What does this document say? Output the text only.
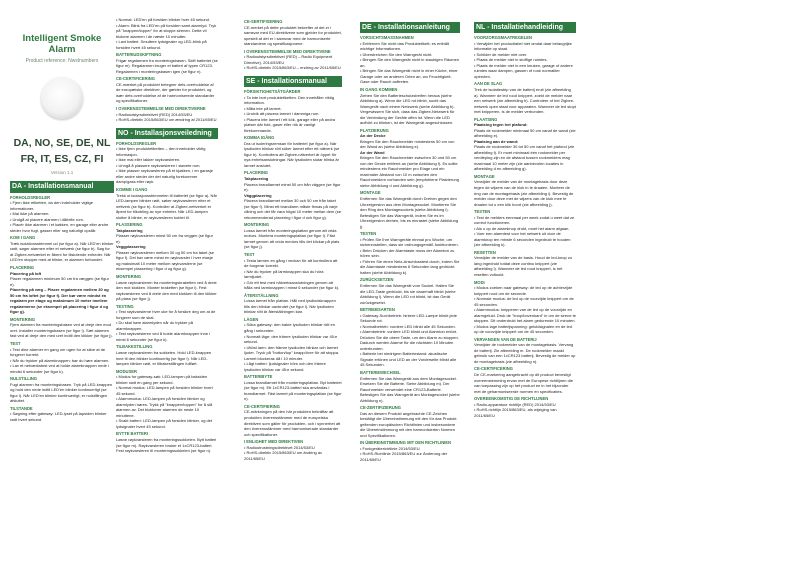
Intelligent Smoke Alarm
Product reference: Nwslnumbers
DA, NO, SE, DE, NL
FR, IT, ES, CZ, FI
Version 1.1
DA - Installationsmanual
FORHOLDSREGLER
• Fjern ikke etiketten, da den indeholder vigtige informationer.
• Mal ikke på alarmen.
• Undgå at placere alarmen i dårlelte rum.
• Placér ikke alarmen i et køkken, en garage eller andre steder hvor fugt, gasser eller røg naturligt opstår.
KOM I GANG
Træk isolationsstrimmel ud (se figur a). Når LED'en blinker rødt, søger alarmen efter et netværk (se figur b). Søg for at Zigbee-netværket er åbent for tilslutende enheder. Når LED'en stopper med at blinke, er alarmen forbundet.
PLACERING
Placering på loft
Placer regalarmen minimum 50 cm fra væggen (se figur e).
Placering på væg – Placer regalarmen mellem 30 og 50 cm fra loftet (se figur f). Der bør være mindst én regalarm per etage og maksimum 10 meter imellem regalarmerne (se eksempel på placering i figur d og figur g).
MONTERING
Fjern alarmen fra monteringsbasen ved at dreje den mod uret. Installer monteringsbasen (se figur i). Sæt alarmen fast ved at dreje den med uret indtil den klikker (se figur j).
TEST
• Test dine alarmer en gang om ugen for at sikre at de fungerer korrekt.
• Når du trykker på alarmknappen: bør du høre alarmen.
• Lav et netværkstest ved at holde alarmknappen nede i mindst 6 sekunder (se figur k).
NULSTILLING
Fugt alarmen fra monteringsbasen. Tryk på LED-knappen og hold den nede indtil LED'en blinker kontinuerligt (se figur l). Når LED'en blinker kontinuerligt, er nulstillingen afsluttet.
TILSTANDE
• Søgning efter gateway: LED-lyset på lapsiden blinker rødt hvert sekund.
• Normal: LED'en på forsiden blinker hver 45 sekund.
• Alarm: Blink fra LED'en på forsiden samt alarmlyd. Tryk på "knappen/topper" for at stoppe sirenen. Dette vil blokere alarmen i de næste 10 minutter.
• Lavt batteri: Smuttere lydsignaler og LED-blink på forsiden hvert 45 sekund.
BATTERIUDSKIFTNING
Frigør regalarmen fra monteringsbasen. Skift batteriet (se figur m). Regalarmen bruger et batteri af typen CR123. Regalarmen i monteringsbasen igen (se figur n).
CE-CERTIFICERING
CE-mærket på produktet betegner dets overholdelse af de europæiske direktiver, der gælder for produktet, og især dets overholdelse af de harmoniserede standarder og specifikationer.
I OVERENSSTEMMELSE MED DIREKTIVERNE
• Radioudstyrsdirektivet (RED) 2014/53/EU
• RoHS-direktiv 2015/863/EU om ændring af 2011/65/EU
NO - Installasjonsveiledning
FORHOLDSREGLER
• Ikke fjern produktetiketten – den inneholder viktig informasjon.
• Ikke mal eller lakker røykvarsleren.
• Unngå å plassere røykvarsleren i støvete rom.
• Ikke plasser røykvarsleren på et kjøkken, i en garasje eller andre steder der det naturlig forekommer damp/gass eller røyk.
KOMME I GANG
Trekk ut isolasjonsstrimmelen til batteriet (se figur a). Når LED-lampen blinker rødt, søker røykvarsleren etter et nettverk (se figur b). Kontroller at Zigbee-nettverket er åpent for tilkobling av nye enheter. Når LED-lampen slutter å blinke, er røykvarsleren koblet til.
PLASSERING
Takplassering
Plasser røykvarsleren minst 50 cm fra veggen (se figur e).
Veggplassering
Plasser røykvarsleren mellom 30 og 50 cm fra taket (se figur f). Det bør være minst én røykvarsler i hver etasje og maksimalt 10 meter mellom røykvarslerne (se eksempel plassering i figur d og figur g).
MONTERING
Løsne røykvarsleren fra monteringsbraketten ved å dreie den mot klokken. Monter braketten (se figur i). Fest røykvarsleren ved å dreie den med klokken til den klikker på plass (se figur j).
TESTING
• Test røykvarslerne hver uke for å forsikre deg om at de fungerer som de skal.
• Du skal høre alarmlyden når du trykker på alarmknappen.
• Test røykvarsleren ved å holde alarmknappen inne i minst 6 sekunder (se figur k).
TILBAKESTILLING
Løsne røykvarsleren fra sokkelen. Hold LED-knappen inne til den blinker kontinuerlig (se figur l). Når LED-lampen blinker rødt, er tilbakestillingen fullført.
MODUSER
• Modus for gateway-søk: LED-lampen på baksiden blinker rødt én gang per sekund.
• Normal modus: LED-lampen på forsiden blinker hvert 45 sekund.
• Alarmmodus: LED-lampen på forsiden blinker og alarmlyden høres. Trykk på "knappen/toppen" for å slå alarmen av. Det blokkerer alarmen de neste 10 minuttene.
• Svakt batteri: LED-lampen på forsiden blinker, og det lydsignaler hvert 45 sekund.
BYTTE BATTERI
Løsne røykvarsleren fra monteringssokkelen. Bytt batteri (se figur m). Røykvarsleren bruker et 1xCR123-batteri. Fest røykvarsleren til monteringssokkelen (se figur n).
CE-SERTIFISERING
CE-merket på dette produktet bekrefter at det er i samsvar med EU-direktivene som gjelder for produktet, spesielt at det er i samsvar med de harmoniserte standardene og spesifikasjonene.
I OVERENSSTEMMELSE MED DIREKTIVENE
• Radioutstyrsdirektivet (RED) – Radio Equipment Directive), 2014/53/EU
• RoHS-direktiv 2015/863/EU – endring av 2011/65/EU
SE - Installationsmanual
FÖRSIKTIGHETSÅTGÄRDER
• Ta inte bort produktetiketten. Den innehåller viktig information.
• Måla inte på larmet.
• Undvik att placera larmet i dammiga rum.
• Placera inte larmet i ett kök, garage eller på andra platser där fukt, gaser eller rök är vanligt förekommande.
KOMMA IGÅNG
Dra ut isoleringsremsan för batteriet (se figur a). När lysdioden blinkar rött söker larmet efter ett nätverk (se figur b). Kontrollera att Zigbee-nätverket är öppet för nya enhetsanslutningar. När lysdioden slutar blinka är larmet anslutet.
PLACERING
Takplacering
Placera brandlarmet minst 50 cm från väggen (se figur e).
Väggplacering
Placera brandlarmet mellan 30 och 50 cm från taket (se figur f). Minst ett brandlarm måste finnas på varje våning och det får vara högst 10 meter mellan dem (se rekommenderad placering i figur d och figur g).
MONTERING
Lossa larmet från monteringsplattan genom att vrida moturs. Montera monteringsplattan (se figur i). Fäst larmet genom att vrida medurs tills det klickar på plats (se figur j).
TEST
• Testa larmen en gång i veckan för att kontrollera att de fungerar korrekt.
• När du trycker på larmknappen ska du höra larmljudet.
• Gör ett test med nätverksanslutningen genom att hålla ned larmknappen i minst 6 sekunder (se figur k).
ÅTERSTÄLLNING
Lossa larmet från plattan. Håll ned lysdiodsknappen tills den blinkar oavbrutet (se figur l). När lysdioden blinkar rött är återställningen klar.
LÄGEN
• Söka gateway: den bakre lysdioden blinkar rött en gång i sekunden.
• Normalt läge: den främre lysdioden blinkar var 45:e sekund.
• Utlöst larm: den främre lysdioden blinkar och larmet ljuder. Tryck på "button/top" knapp/övre för att stoppa. Larmet blockeras då i 10 minuter.
• Lågt batteri: ljudsignaler hörs och den främre lysdioden blinkar var 45:e sekund.
BATTERIBYTE
Lossa brandlarmet från monteringsplattan. Byt batteriet (se figur m). Ett 1xCR123-batteri ska användas i brandlarmet. Fäst larmet på monteringsplattan (se figur n).
CE-CERTIFIERING
CE-märkningen på den här produkten bekräftar att produkten överensstämmer med de europeiska direktiven som gäller för produkten, och i synnerhet att den överensstämmer med harmoniserade standarder och specifikationer.
I ENLIGHET MED DIREKTIVEN
• Radioutrustningsdirektivet 2014/53/EU
• RoHS-direktiv 2015/863/EU om ändring av 2011/65/EU
DE - Installationsanleitung
VORSICHTSMASSNAHMEN
• Entfernen Sie nicht das Produktetikett; es enthält wichtige Informationen.
• Überstreichen Sie den Warngerät nicht.
• Bringen Sie den Warngerät nicht in staubigen Räumen an.
• Bringen Sie das Warngerät nicht in einer Küche, einer Garage oder an anderen Orten an, wo Feuchtigkeit, Gase oder Rauch auftreten.
IN GANG KOMMEN
Ziehen Sie den Batterieschutzstreifen heraus (siehe Abbildung a). Wenn die LED rot blinkt, sucht das Warngerät nach einem Netzwerk (siehe Abbildung b). Vergewissern Sie sich, dass das Zigbee-Netzwerk für die Verbindung der Geräte offen ist. Wenn die LED aufhört zu blinken, ist der Warngerät angeschlossen.
PLATZIERUNG
An der Decke
Bringen Sie den Rauchmelder mindestens 50 cm von der Wand an (siehe Abbildung e).
An der Wand
Bringen Sie den Rauchmelder zwischen 30 und 50 cm von der Decke entfernt an (siehe Abbildung f). Es sollte mindestens ein Rauchmelder pro Etage und ein maximaler Abstand von 10 m zwischen den Rauchmeldern vorhanden sein (empfohlene Platzierung siehe Abbildung d und Abbildung g).
MONTAGE
Entfernen Sie das Warngerät durch Drehen gegen den Uhrzeigersinn aus dem Montagesockel. Montieren Sie den Ring des Montagesockels (siehe Abbildung i). Befestigen Sie das Warngerät, indem Sie es im Uhrzeigersinn drehen, bis es einrastet (siehe Abbildung j).
TESTEN
• Prüfen Sie Ihre Warngeräte einmal pro Woche, um sicherzustellen, dass sie ordnungsgemäß funktionieren.
• Beim Drücken der Alarmtaste muss der Alarmton zu hören sein.
• Führen Sie einen Netz-Anschlusstest durch, indem Sie die Alarmtaste mindestens 6 Sekunden lang gedrückt halten (siehe Abbildung k).
ZURÜCKSETZEN
Entfernen Sie das Warngerät vom Sockel. Halten Sie die LED-Taste gedrückt, bis sie dauerhaft blinkt (siehe Abbildung l). Wenn die LED rot blinkt, ist das Gerät zurückgesetzt.
BETRIEBSARTEN
• Gateway-Suchbetrieb: hintere LED-Lampe blinkt jede Sekunde rot.
• Normalbetrieb: vordere LED blinkt alle 45 Sekunden.
• Alarmbetrieb: vordere LED blinkt und Alarmton ertönt. Drücken Sie die obere Taste, um den Alarm zu stoppen. Dadurch werden Alarme für die nächsten 10 Minuten unterbunden.
• Batterie bei niedrigem Batteriestand: akustische Signale ertönen und LED an der Vorderseite blinkt alle 45 Sekunden.
BATTERIEWECHSEL
Entfernen Sie das Warngerät aus dem Montagesockel. Ersetzen Sie die Batterie. Siehe Abbildung m). Der Rauchmelder verwendet eine CR123-Batterie. Befestigen Sie das Warngerät am Montagesockel (siehe Abbildung n).
CE-ZERTIFIZIERUNG
Das an diesem Produkt angebrachte CE-Zeichen bestätigt die Übereinstimmung mit den für das Produkt geltenden europäischen Richtlinien und insbesondere die Übereinstimmung mit den harmonisierten Normen und Spezifikationen.
IN ÜBEREINSTIMMUNG MIT DEN RICHTLINIEN
• Funkgeräterichtlinie 2014/53/EU
• RoHS-Richtlinie 2015/863/EU zur Änderung der 2011/65/EU
NL - Installatiehandleiding
VOORZORGSMAATREGELEN
• Verwijder het productlabel niet omdat daar belangrijke informatie op staat.
• Schilder de melder niet over.
• Plaats de melder niet in stoffige ruimtes.
• Plaats de melder niet in een keuken, garage of andere ruimtes waar dampen, gassen of rook normaliter optreden.
AAN DE SLAG
Trek de isolatiestrip van de batterij eruit (zie afbeelding a). Wanneer de led rood knippert, zoekt de melder naar een netwerk (zie afbeelding b). Controleer of het Zigbee-netwerk open staat voor apparaten. Wanneer de led stopt met knipperen, is de melder verbonden.
PLAATSING
Plaatsing tegen het plafond:
Plaats de rookmelder minimaal 50 cm vanaf de wand (zie afbeelding e).
Plaatsing aan de wand:
Plaats de rookmelder 30 tot 50 cm vanaf het plafond (zie afbeelding f). Er moet minimaal één rookmelder per verdieping zijn en de afstand tussen rookmelders mag maximaal 10 meter zijn (zie aanbevolen locaties in afbeelding d en afbeelding g).
MONTAGE
Verwijder de melder van de montagebasis door deze tegen de wijzers van de klok in te draaien. Monteer de ring van de montagebasis (zie afbeelding i). Bevestig de melder door deze met de wijzers van de klok mee te draaien tot u een klik hoort (zie afbeelding j).
TESTEN
• Test de melders eenmaal per week zodat u weet dat ze correct functioneren.
• Als u op de alarmknop drukt, moet het alarm afgaan.
• Voer een alarmtest voor het netwerk uit door de alarmknop ten minste 6 seconden ingedrukt te houden (zie afbeelding k).
RESETTEN
Verwijder de melder van de basis. Houd de led-knop zo lang ingedrukt totdat deze continu knippert (zie afbeelding l). Wanneer de led rood knippert, is het resetten voltooid.
MODI
• Modus zoeken naar gateway: de led op de achterzijde knippert rood om de seconde.
• Normale modus: de led op de voorzijde knippert om de 45 seconden.
• Alarmmodus: knipperen van de led op de voorzijde en alarmgeluid. Druk de "knop/bovenkant" in om de sirene te stoppen. Dit onderdrukt het alarm gedurende 10 minuten.
• Modus lage batterijspanning: geluidsignalen en de led op de voorzijde knippert om de 45 seconden.
VERVANGEN VAN DE BATTERIJ
Verwijder de rookmelder van de montagebasis. Vervang de batterij. Zie afbeelding m. De rookmelder maakt gebruik van een 1xCR123 batterij. Bevestig de melder op de montagebasis (zie afbeelding n).
CE-CERTIFICERING
De CE-markering aangebracht op dit product bevestigt overeenstemming ervan met de Europese richtlijnen die van toepassing zijn op het product en in het bijzonder met de geharmoniseerde normen en specificaties.
OVEREENKOMSTIG DE RICHTLIJNEN
• Radio-apparatuur richtlijn (RED) 2014/53/EU
• RoHS-richtlijn 2015/863/EU, als wijziging van 2011/65/EU
